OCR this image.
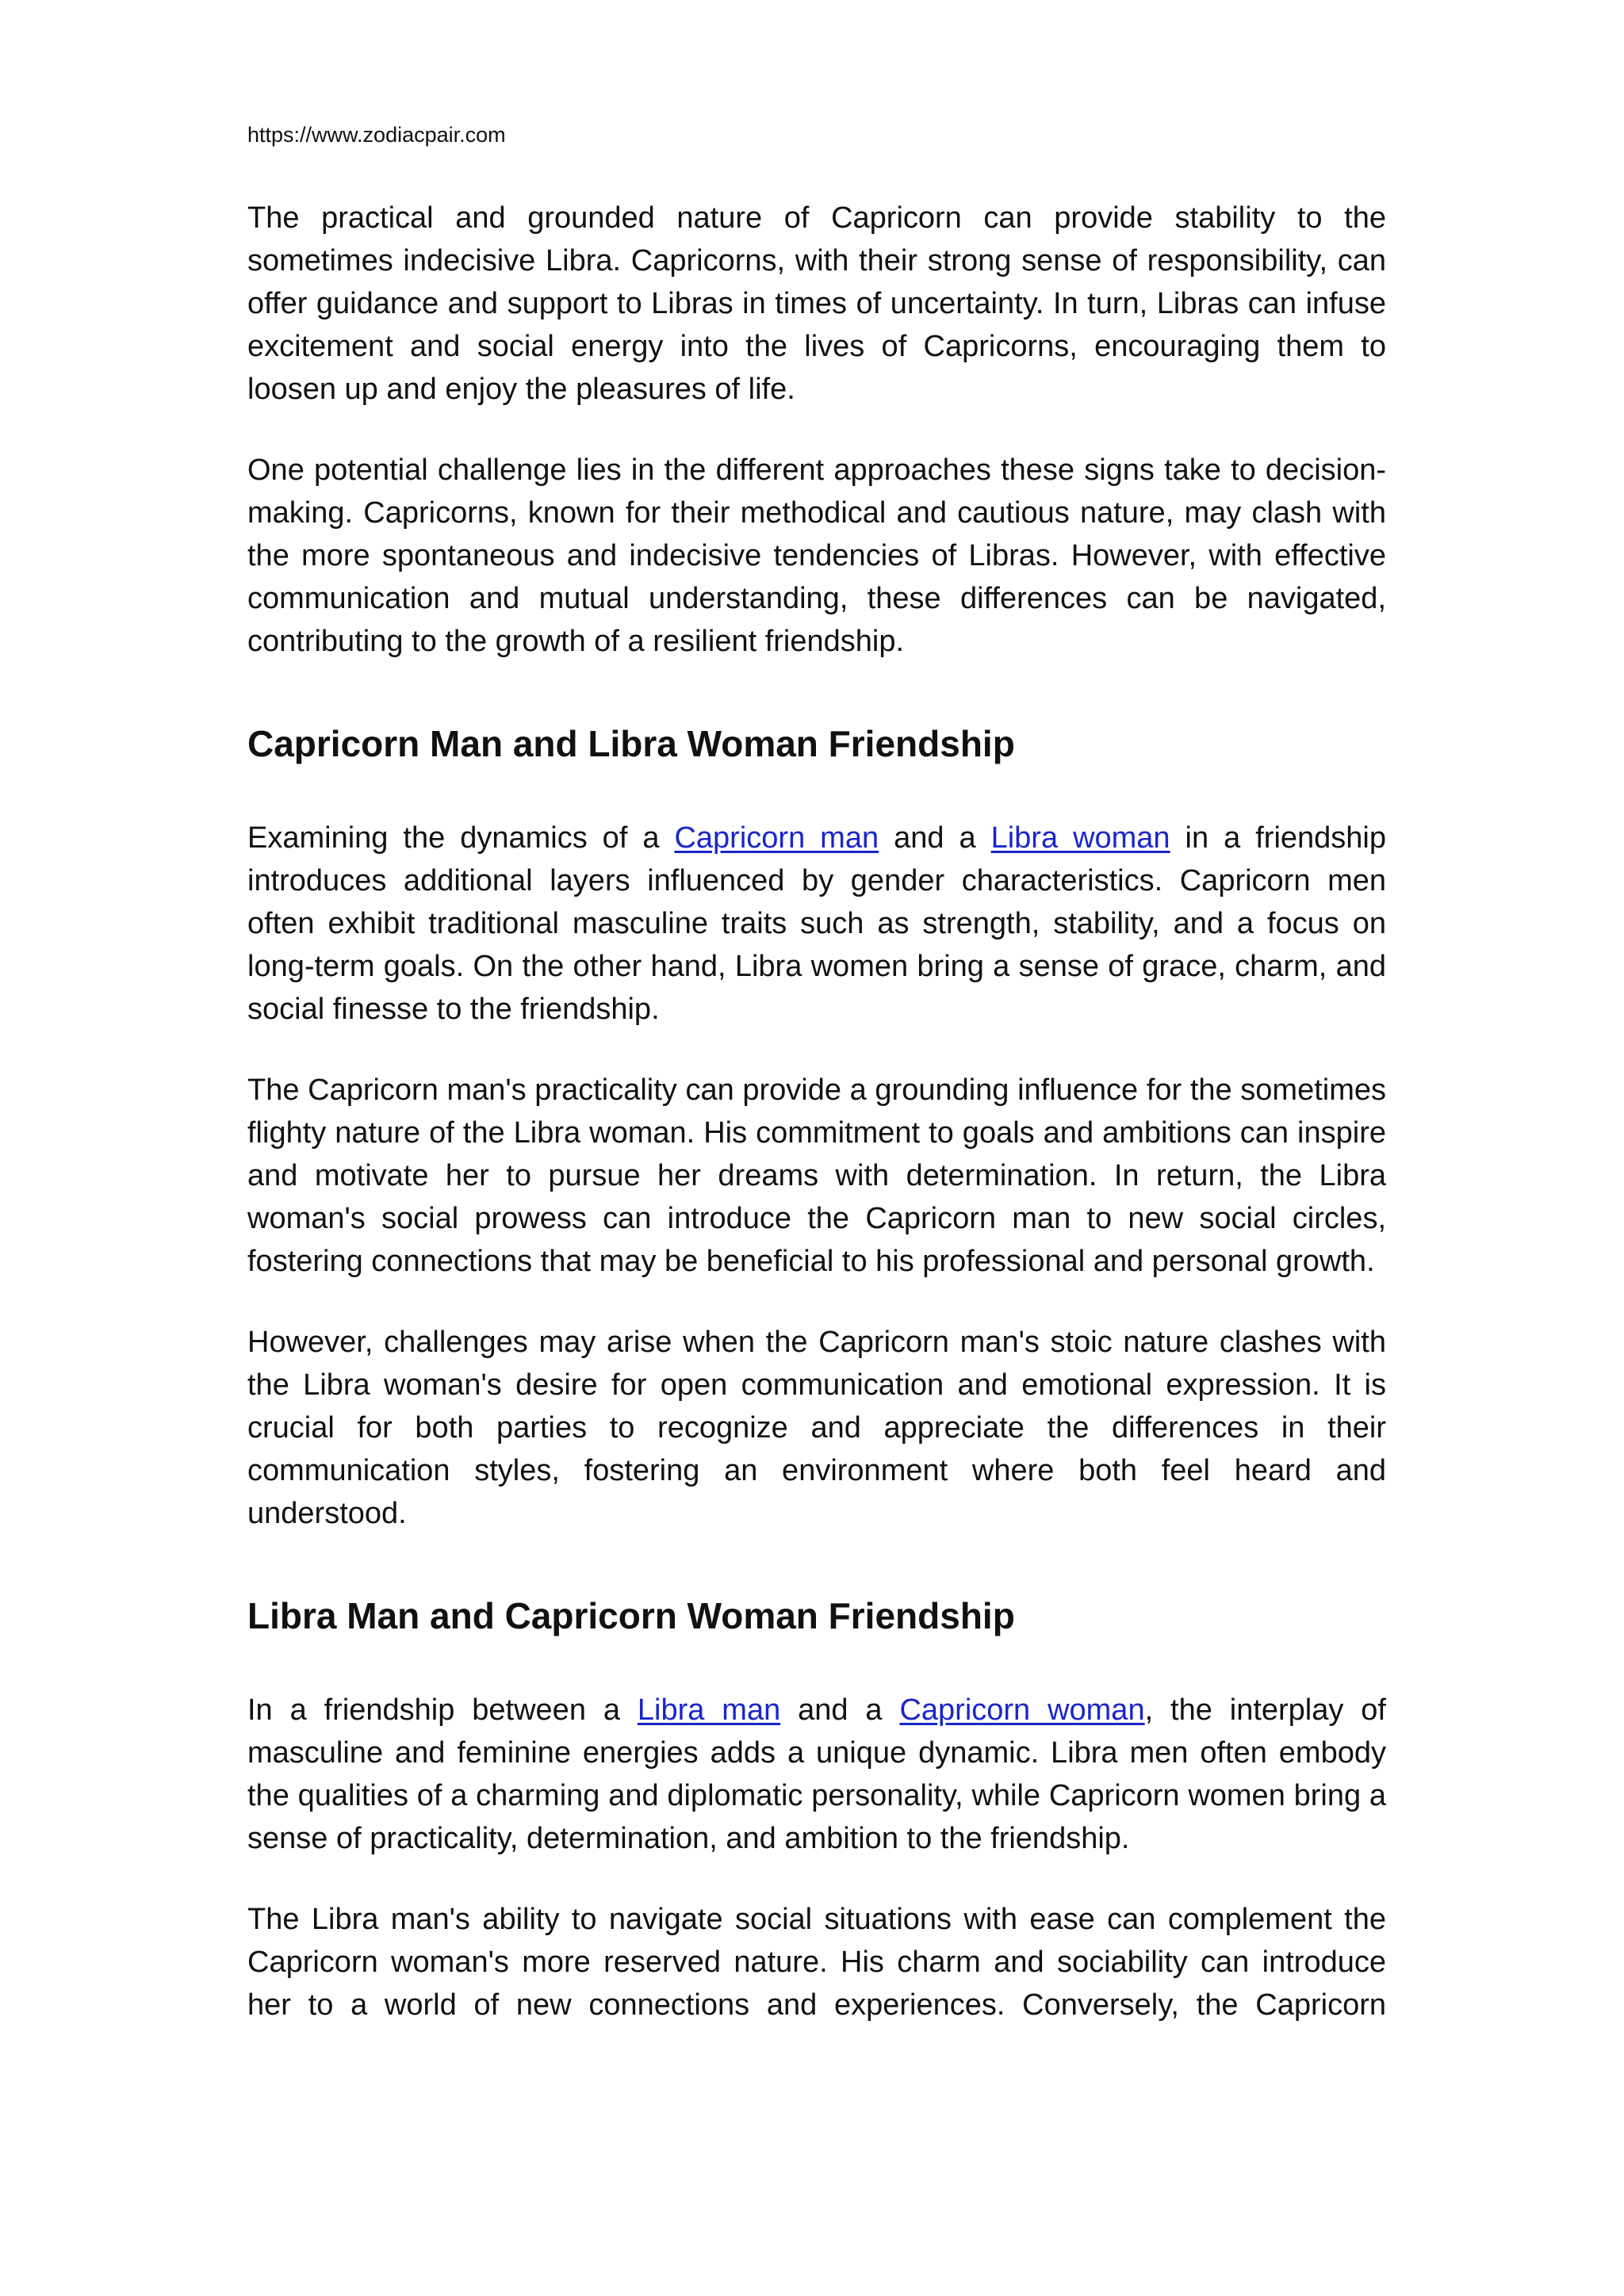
https://www.zodiacpair.com

The practical and grounded nature of Capricorn can provide stability to the sometimes indecisive Libra. Capricorns, with their strong sense of responsibility, can offer guidance and support to Libras in times of uncertainty. In turn, Libras can infuse excitement and social energy into the lives of Capricorns, encouraging them to loosen up and enjoy the pleasures of life.

One potential challenge lies in the different approaches these signs take to decision-making. Capricorns, known for their methodical and cautious nature, may clash with the more spontaneous and indecisive tendencies of Libras. However, with effective communication and mutual understanding, these differences can be navigated, contributing to the growth of a resilient friendship.

Capricorn Man and Libra Woman Friendship

Examining the dynamics of a Capricorn man and a Libra woman in a friendship introduces additional layers influenced by gender characteristics. Capricorn men often exhibit traditional masculine traits such as strength, stability, and a focus on long-term goals. On the other hand, Libra women bring a sense of grace, charm, and social finesse to the friendship.

The Capricorn man's practicality can provide a grounding influence for the sometimes flighty nature of the Libra woman. His commitment to goals and ambitions can inspire and motivate her to pursue her dreams with determination. In return, the Libra woman's social prowess can introduce the Capricorn man to new social circles, fostering connections that may be beneficial to his professional and personal growth.

However, challenges may arise when the Capricorn man's stoic nature clashes with the Libra woman's desire for open communication and emotional expression. It is crucial for both parties to recognize and appreciate the differences in their communication styles, fostering an environment where both feel heard and understood.

Libra Man and Capricorn Woman Friendship

In a friendship between a Libra man and a Capricorn woman, the interplay of masculine and feminine energies adds a unique dynamic. Libra men often embody the qualities of a charming and diplomatic personality, while Capricorn women bring a sense of practicality, determination, and ambition to the friendship.

The Libra man's ability to navigate social situations with ease can complement the Capricorn woman's more reserved nature. His charm and sociability can introduce her to a world of new connections and experiences. Conversely, the Capricorn
